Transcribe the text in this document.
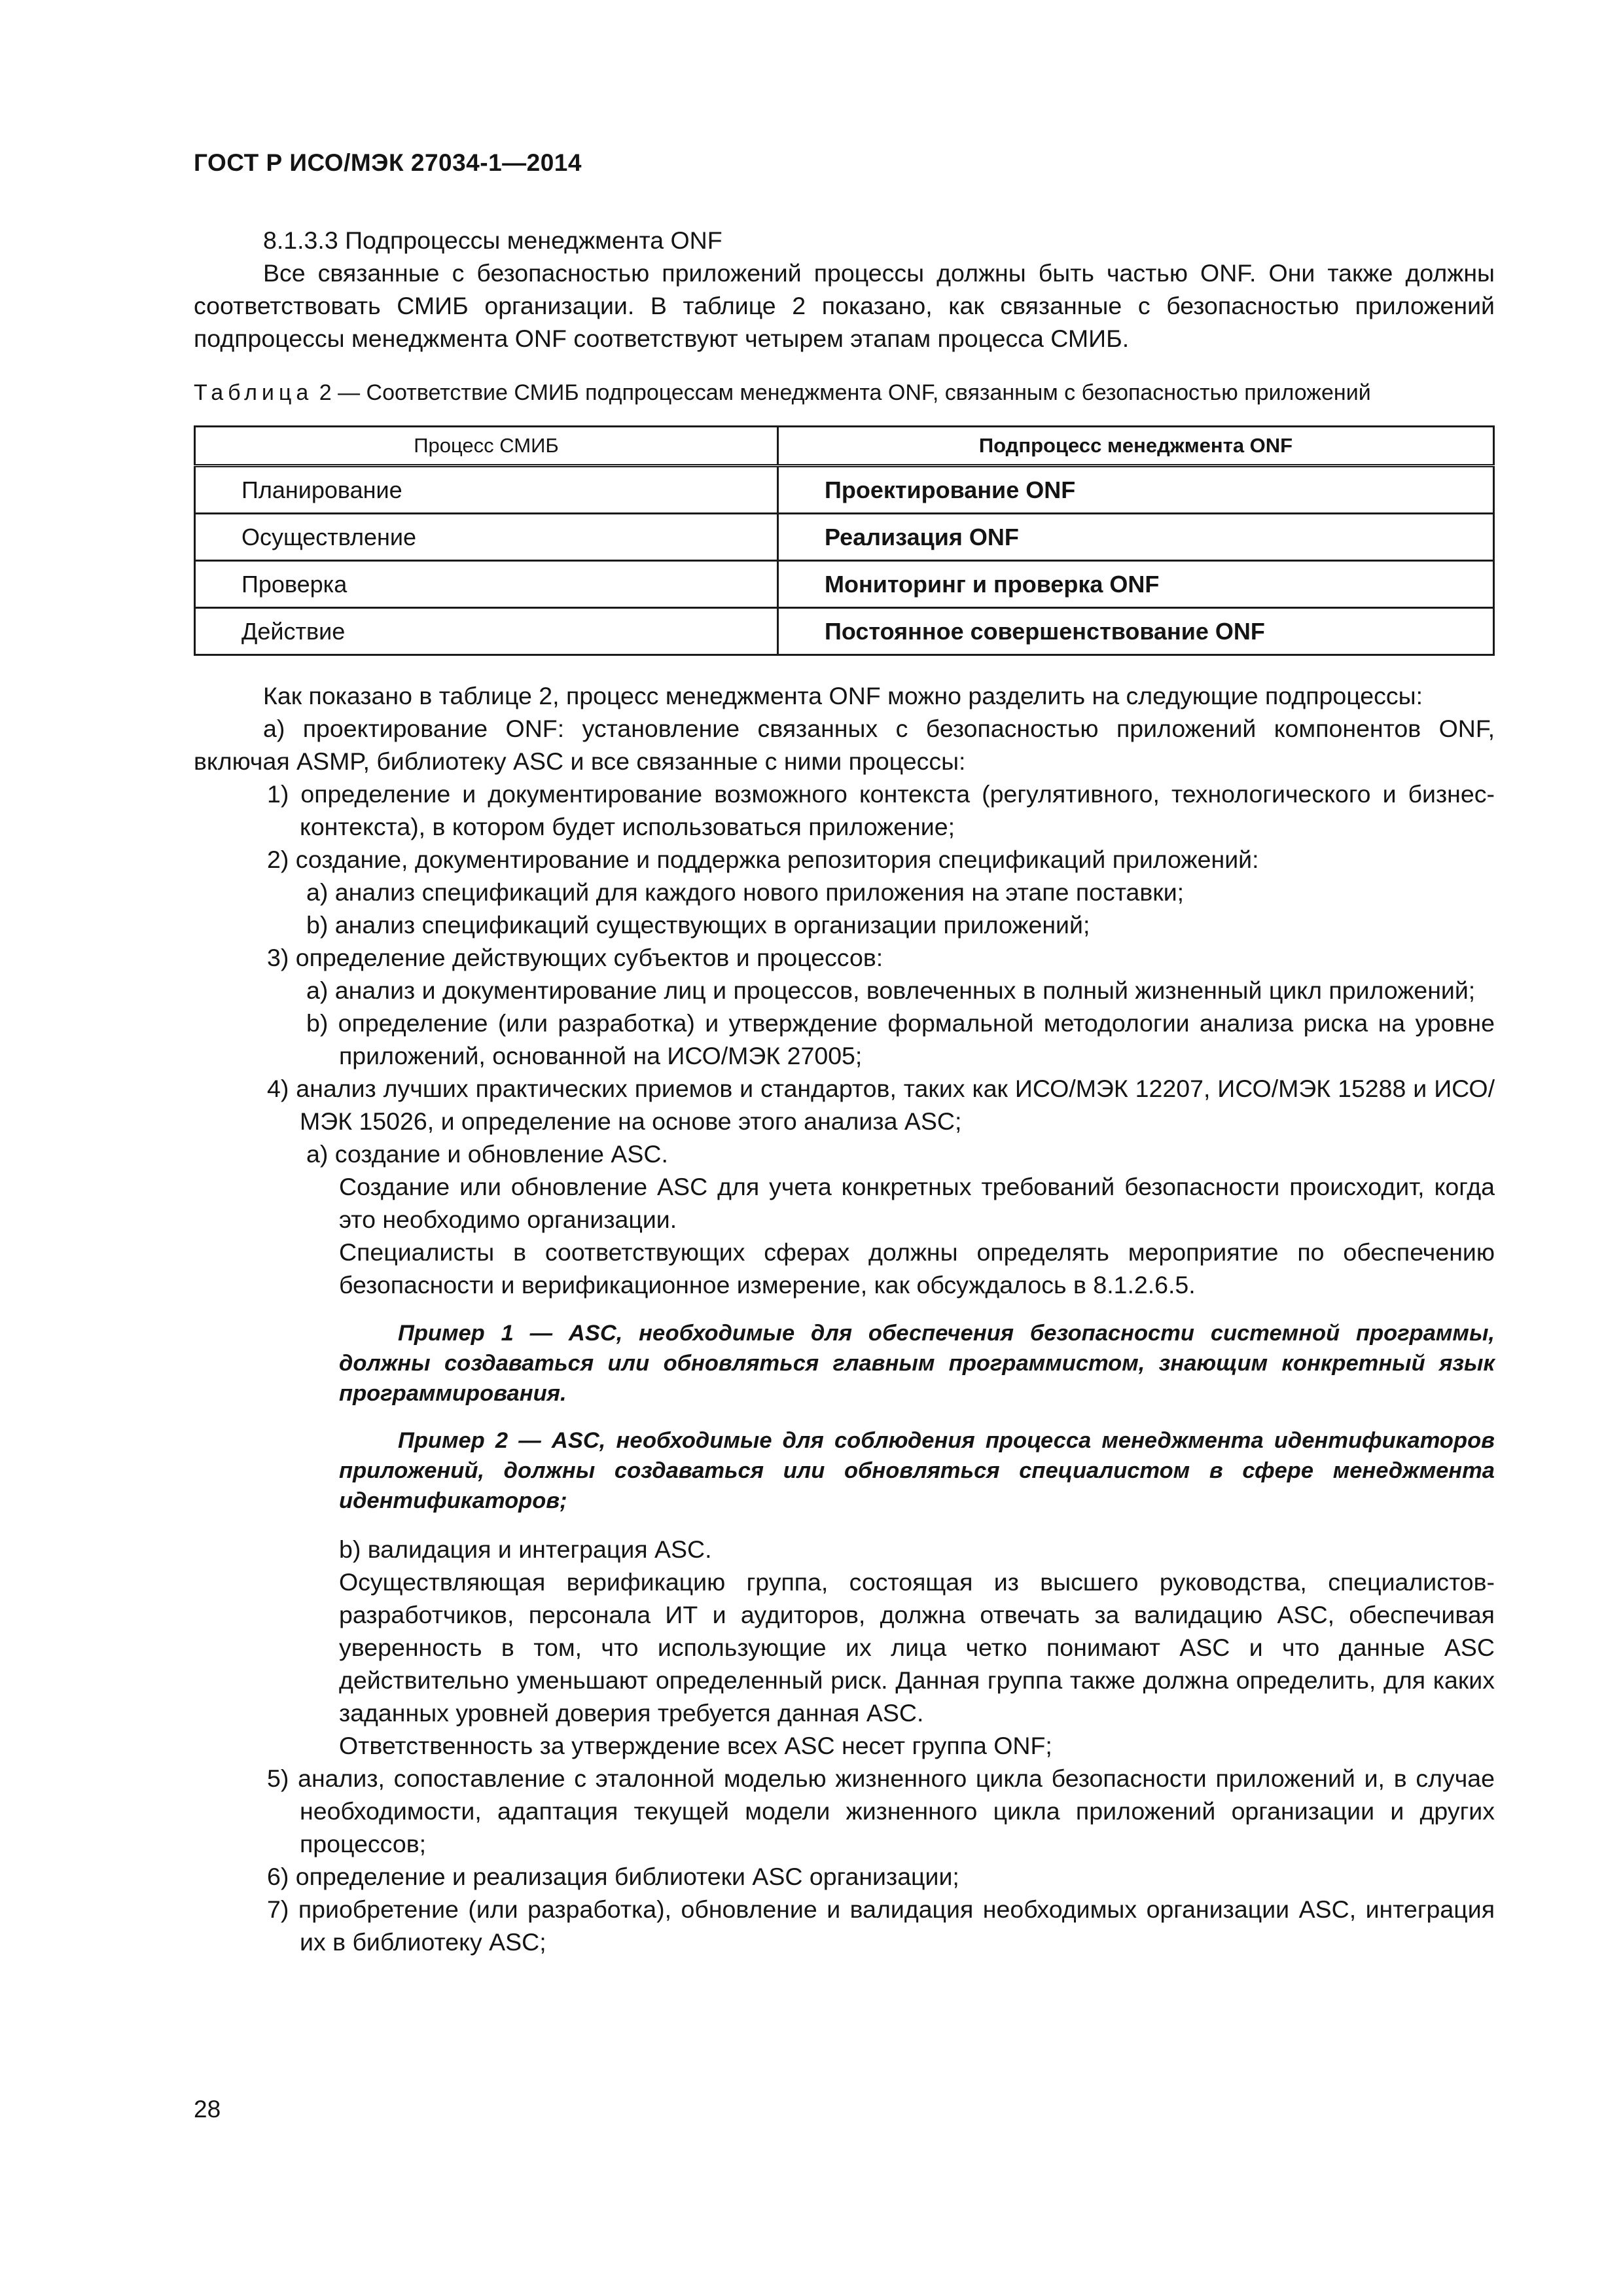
ГОСТ Р ИСО/МЭК 27034-1—2014

8.1.3.3 Подпроцессы менеджмента ONF

Все связанные с безопасностью приложений процессы должны быть частью ONF. Они также должны соответствовать СМИБ организации. В таблице 2 показано, как связанные с безопасностью приложений подпроцессы менеджмента ONF соответствуют четырем этапам процесса СМИБ.

Таблица 2 — Соответствие СМИБ подпроцессам менеджмента ONF, связанным с безопасностью приложений

Процесс СМИБ	Подпроцесс менеджмента ONF
Планирование	Проектирование ONF
Осуществление	Реализация ONF
Проверка	Мониторинг и проверка ONF
Действие	Постоянное совершенствование ONF

Как показано в таблице 2, процесс менеджмента ONF можно разделить на следующие подпроцессы:

а) проектирование ONF: установление связанных с безопасностью приложений компонентов ONF, включая ASMP, библиотеку ASC и все связанные с ними процессы:

1) определение и документирование возможного контекста (регулятивного, технологического и бизнес-контекста), в котором будет использоваться приложение;

2) создание, документирование и поддержка репозитория спецификаций приложений:

a) анализ спецификаций для каждого нового приложения на этапе поставки;

b) анализ спецификаций существующих в организации приложений;

3) определение действующих субъектов и процессов:

a) анализ и документирование лиц и процессов, вовлеченных в полный жизненный цикл приложений;

b) определение (или разработка) и утверждение формальной методологии анализа риска на уровне приложений, основанной на ИСО/МЭК 27005;

4) анализ лучших практических приемов и стандартов, таких как ИСО/МЭК 12207, ИСО/МЭК 15288 и ИСО/МЭК 15026, и определение на основе этого анализа ASC;

a) создание и обновление ASC.

Создание или обновление ASC для учета конкретных требований безопасности происходит, когда это необходимо организации.

Специалисты в соответствующих сферах должны определять мероприятие по обеспечению безопасности и верификационное измерение, как обсуждалось в 8.1.2.6.5.

Пример 1 — ASC, необходимые для обеспечения безопасности системной программы, должны создаваться или обновляться главным программистом, знающим конкретный язык программирования.

Пример 2 — ASC, необходимые для соблюдения процесса менеджмента идентификаторов приложений, должны создаваться или обновляться специалистом в сфере менеджмента идентификаторов;

b) валидация и интеграция ASC.

Осуществляющая верификацию группа, состоящая из высшего руководства, специалистов-разработчиков, персонала ИТ и аудиторов, должна отвечать за валидацию ASC, обеспечивая уверенность в том, что использующие их лица четко понимают ASC и что данные ASC действительно уменьшают определенный риск. Данная группа также должна определить, для каких заданных уровней доверия требуется данная ASC.

Ответственность за утверждение всех ASC несет группа ONF;

5) анализ, сопоставление с эталонной моделью жизненного цикла безопасности приложений и, в случае необходимости, адаптация текущей модели жизненного цикла приложений организации и других процессов;

6) определение и реализация библиотеки ASC организации;

7) приобретение (или разработка), обновление и валидация необходимых организации ASC, интеграция их в библиотеку ASC;

28
